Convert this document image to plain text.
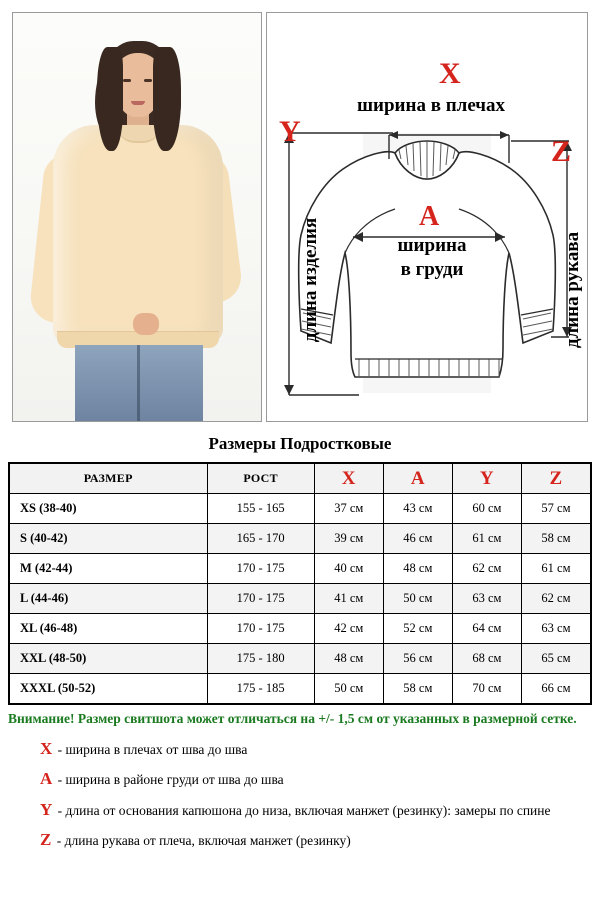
X
ширина в плечах
Y
длина изделия
A
ширина
в груди
Z
длина рукава
Размеры Подростковые
РАЗМЕР	РОСТ	X	A	Y	Z
XS (38-40)	155 - 165	37 см	43 см	60 см	57 см
S (40-42)	165 - 170	39 см	46 см	61 см	58 см
M (42-44)	170 - 175	40 см	48 см	62 см	61 см
L (44-46)	170 - 175	41 см	50 см	63 см	62 см
XL (46-48)	170 - 175	42 см	52 см	64 см	63 см
XXL (48-50)	175 - 180	48 см	56 см	68 см	65 см
XXXL (50-52)	175 - 185	50 см	58 см	70 см	66 см
Внимание! Размер свитшота может отличаться на +/- 1,5 см от указанных в размерной сетке.
X - ширина в плечах от шва до шва
A - ширина в районе груди от шва до шва
Y - длина от основания капюшона до низа, включая манжет (резинку): замеры по спине
Z - длина рукава от плеча, включая манжет (резинку)
